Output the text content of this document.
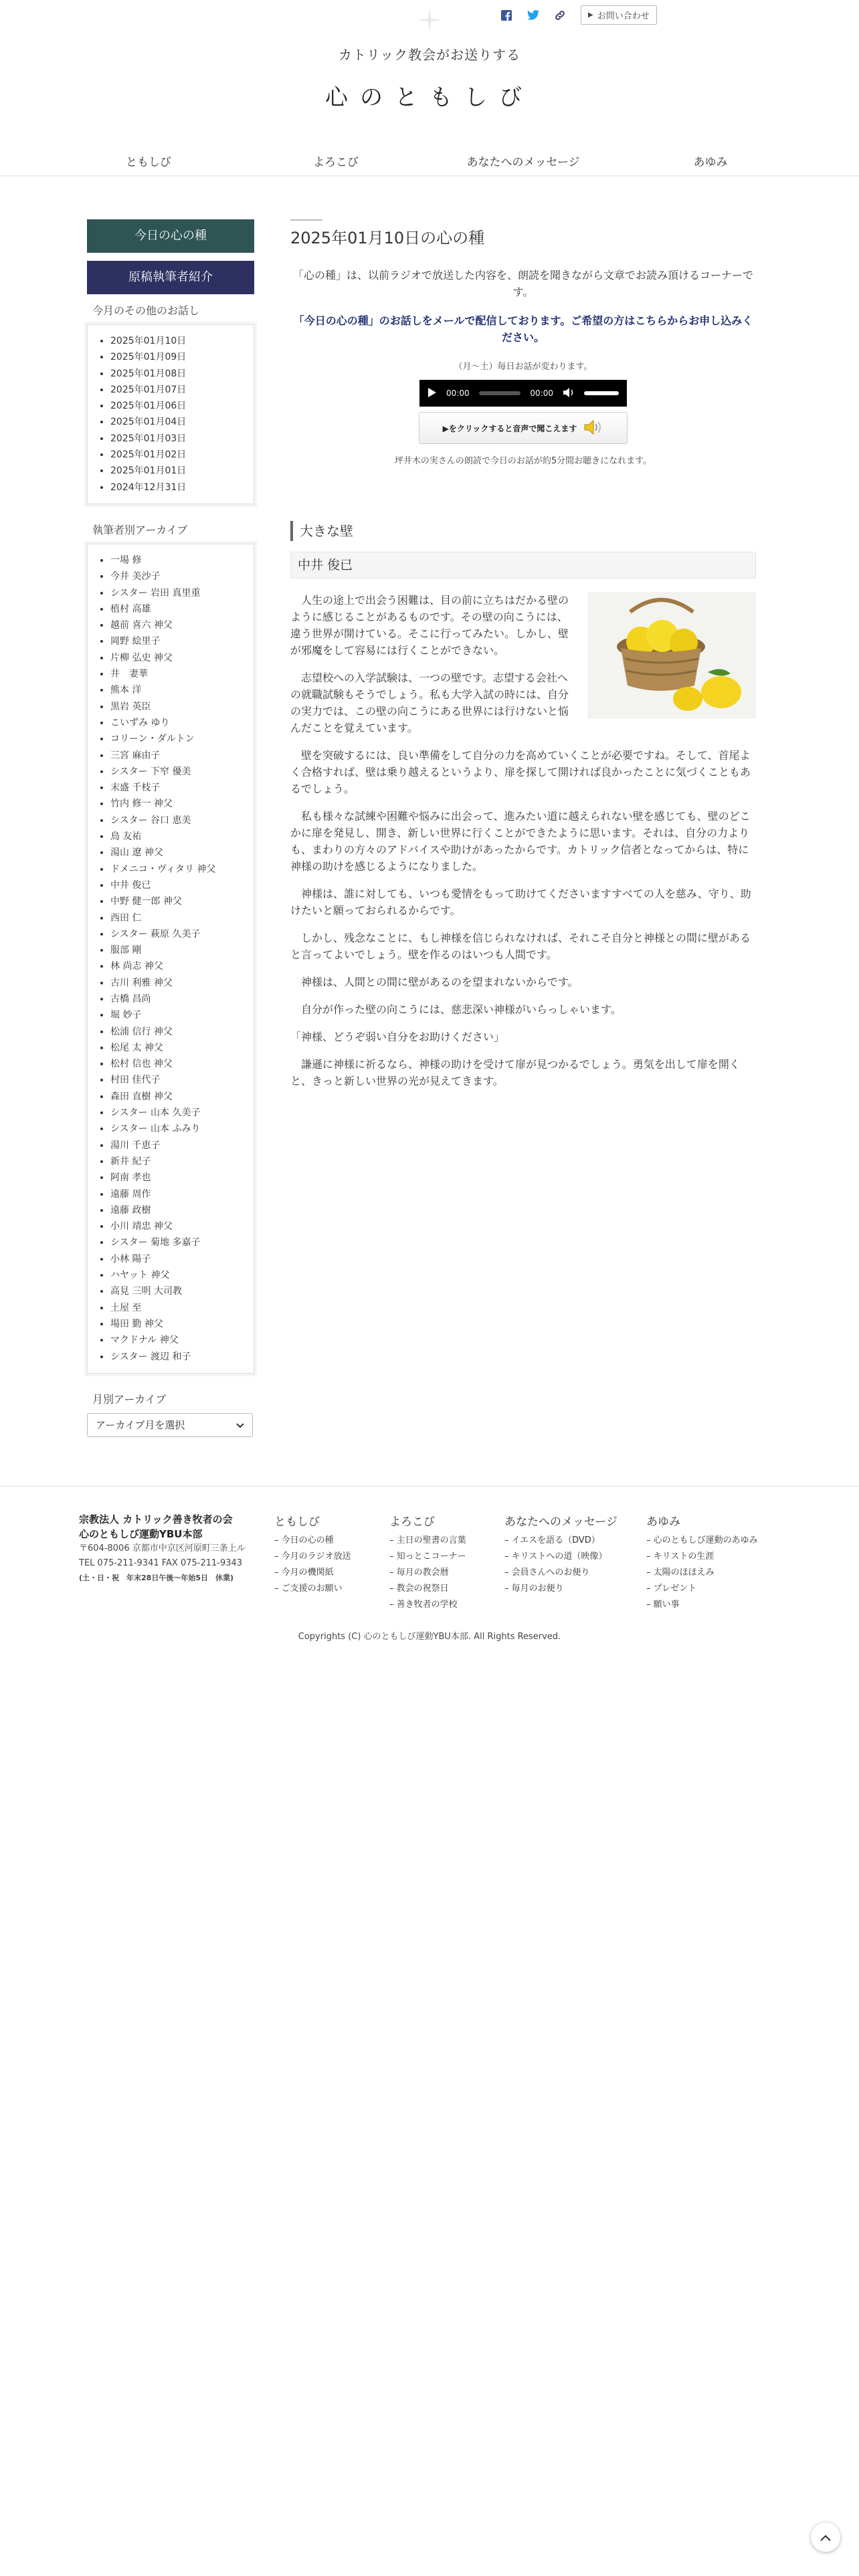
▶ お問い合わせ
カトリック教会がお送りする
心のともしび
ともしび	よろこび	あなたへのメッセージ	あゆみ
今日の心の種
原稿執筆者紹介
今月のその他のお話し
• 2025年01月10日
• 2025年01月09日
• 2025年01月08日
• 2025年01月07日
• 2025年01月06日
• 2025年01月04日
• 2025年01月03日
• 2025年01月02日
• 2025年01月01日
• 2024年12月31日
執筆者別アーカイブ
• 一場 修
• 今井 美沙子
• シスター 岩田 真里重
• 植村 高雄
• 越前 喜六 神父
• 岡野 絵里子
• 片柳 弘史 神父
• 井　妻華
• 熊本 洋
• 黒岩 英臣
• こいずみ ゆり
• コリーン・ダルトン
• 三宮 麻由子
• シスター 下窄 優美
• 末盛 千枝子
• 竹内 修一 神父
• シスター 谷口 恵美
• 鳥 友祐
• 湯山 遼 神父
• ドメニコ・ヴィタリ 神父
• 中井 俊已
• 中野 健一郎 神父
• 西田 仁
• シスター 萩原 久美子
• 服部 剛
• 林 尚志 神父
• 古川 利雅 神父
• 古橋 昌尚
• 堀 妙子
• 松浦 信行 神父
• 松尾 太 神父
• 松村 信也 神父
• 村田 佳代子
• 森田 直樹 神父
• シスター 山本 久美子
• シスター 山本 ふみり
• 湯川 千恵子
• 新井 紀子
• 阿南 孝也
• 遠藤 周作
• 遠藤 政樹
• 小川 靖忠 神父
• シスター 菊地 多嘉子
• 小林 陽子
• ハヤット 神父
• 高見 三明 大司教
• 土屋 至
• 場田 勤 神父
• マクドナル 神父
• シスター 渡辺 和子
月別アーカイブ
アーカイブ月を選択
2025年01月10日の心の種

「心の種」は、以前ラジオで放送した内容を、朗読を聞きながら文章でお読み頂けるコーナーです。

「今日の心の種」のお話しをメールで配信しております。ご希望の方はこちらからお申し込みください。

（月〜土）毎日お話が変わります。

00:00	00:00
▶をクリックすると音声で聞こえます

坪井木の実さんの朗読で今日のお話が約5分間お聴きになれます。

大きな壁
中井 俊已

人生の途上で出会う困難は、目の前に立ちはだかる壁のように感じることがあるものです。その壁の向こうには、違う世界が開けている。そこに行ってみたい。しかし、壁が邪魔をして容易には行くことができない。

志望校への入学試験は、一つの壁です。志望する会社への就職試験もそうでしょう。私も大学入試の時には、自分の実力では、この壁の向こうにある世界には行けないと悩んだことを覚えています。

壁を突破するには、良い準備をして自分の力を高めていくことが必要ですね。そして、首尾よく合格すれば、壁は乗り越えるというより、扉を探して開ければ良かったことに気づくこともあるでしょう。

私も様々な試練や困難や悩みに出会って、進みたい道に越えられない壁を感じても、壁のどこかに扉を発見し、開き、新しい世界に行くことができたように思います。それは、自分の力よりも、まわりの方々のアドバイスや助けがあったからです。カトリック信者となってからは、特に神様の助けを感じるようになりました。

神様は、誰に対しても、いつも愛情をもって助けてくださいますすべての人を慈み、守り、助けたいと願っておられるからです。

しかし、残念なことに、もし神様を信じられなければ、それこそ自分と神様との間に壁があると言ってよいでしょう。壁を作るのはいつも人間です。

神様は、人間との間に壁があるのを望まれないからです。

自分が作った壁の向こうには、慈悲深い神様がいらっしゃいます。

「神様、どうぞ弱い自分をお助けください」

謙遜に神様に祈るなら、神様の助けを受けて扉が見つかるでしょう。勇気を出して扉を開くと、きっと新しい世界の光が見えてきます。

宗教法人 カトリック善き牧者の会
心のともしび運動YBU本部
〒604-8006 京都市中京区河原町三条上ル
TEL 075-211-9341 FAX 075-211-9343
(土・日・祝　年末28日午後〜年始5日　休業)
ともしび
– 今日の心の種
– 今月のラジオ放送
– 今月の機関紙
– ご支援のお願い
よろこび
– 主日の聖書の言葉
– 知っとこコーナー
– 毎月の教会暦
– 教会の祝祭日
– 善き牧者の学校
あなたへのメッセージ
– イエスを語る（DVD）
– キリストへの道（映像）
– 会員さんへのお便り
– 毎月のお便り
あゆみ
– 心のともしび運動のあゆみ
– キリストの生涯
– 太陽のほほえみ
– プレゼント
– 願い事
Copyrights (C) 心のともしび運動YBU本部. All Rights Reserved.
